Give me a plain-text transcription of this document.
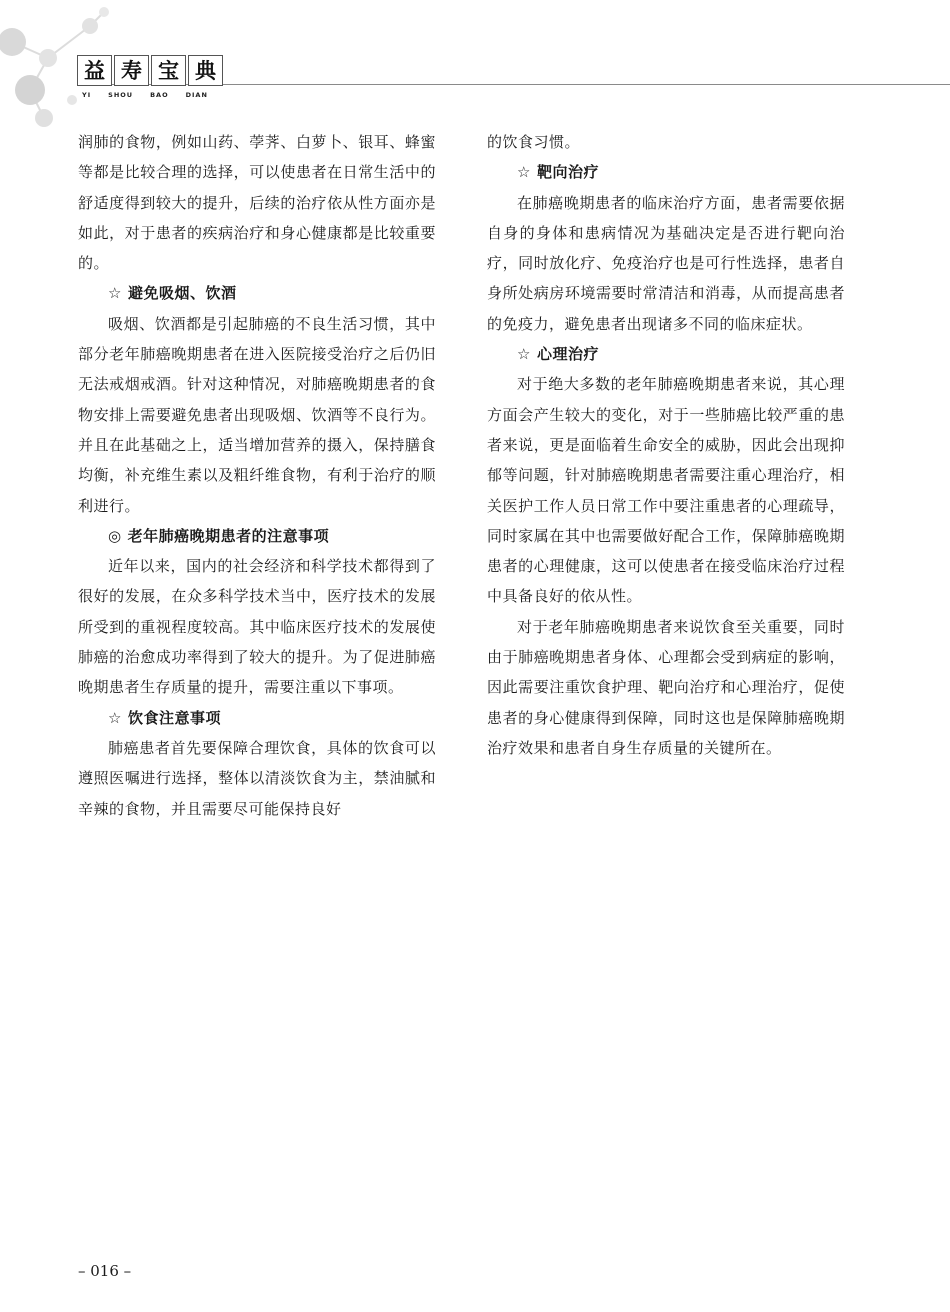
益 寿 宝 典
YI	SHOU	BAO	DIAN

润肺的食物，例如山药、荸荠、白萝卜、银耳、蜂蜜等都是比较合理的选择，可以使患者在日常生活中的舒适度得到较大的提升，后续的治疗依从性方面亦是如此，对于患者的疾病治疗和身心健康都是比较重要的。

☆ 避免吸烟、饮酒

吸烟、饮酒都是引起肺癌的不良生活习惯，其中部分老年肺癌晚期患者在进入医院接受治疗之后仍旧无法戒烟戒酒。针对这种情况，对肺癌晚期患者的食物安排上需要避免患者出现吸烟、饮酒等不良行为。并且在此基础之上，适当增加营养的摄入，保持膳食均衡，补充维生素以及粗纤维食物，有利于治疗的顺利进行。

◎ 老年肺癌晚期患者的注意事项

近年以来，国内的社会经济和科学技术都得到了很好的发展，在众多科学技术当中，医疗技术的发展所受到的重视程度较高。其中临床医疗技术的发展使肺癌的治愈成功率得到了较大的提升。为了促进肺癌晚期患者生存质量的提升，需要注重以下事项。

☆ 饮食注意事项

肺癌患者首先要保障合理饮食，具体的饮食可以遵照医嘱进行选择，整体以清淡饮食为主，禁油腻和辛辣的食物，并且需要尽可能保持良好

的饮食习惯。

☆ 靶向治疗

在肺癌晚期患者的临床治疗方面，患者需要依据自身的身体和患病情况为基础决定是否进行靶向治疗，同时放化疗、免疫治疗也是可行性选择，患者自身所处病房环境需要时常清洁和消毒，从而提高患者的免疫力，避免患者出现诸多不同的临床症状。

☆ 心理治疗

对于绝大多数的老年肺癌晚期患者来说，其心理方面会产生较大的变化，对于一些肺癌比较严重的患者来说，更是面临着生命安全的威胁，因此会出现抑郁等问题，针对肺癌晚期患者需要注重心理治疗，相关医护工作人员日常工作中要注重患者的心理疏导，同时家属在其中也需要做好配合工作，保障肺癌晚期患者的心理健康，这可以使患者在接受临床治疗过程中具备良好的依从性。

对于老年肺癌晚期患者来说饮食至关重要，同时由于肺癌晚期患者身体、心理都会受到病症的影响，因此需要注重饮食护理、靶向治疗和心理治疗，促使患者的身心健康得到保障，同时这也是保障肺癌晚期治疗效果和患者自身生存质量的关键所在。

– 016 –
